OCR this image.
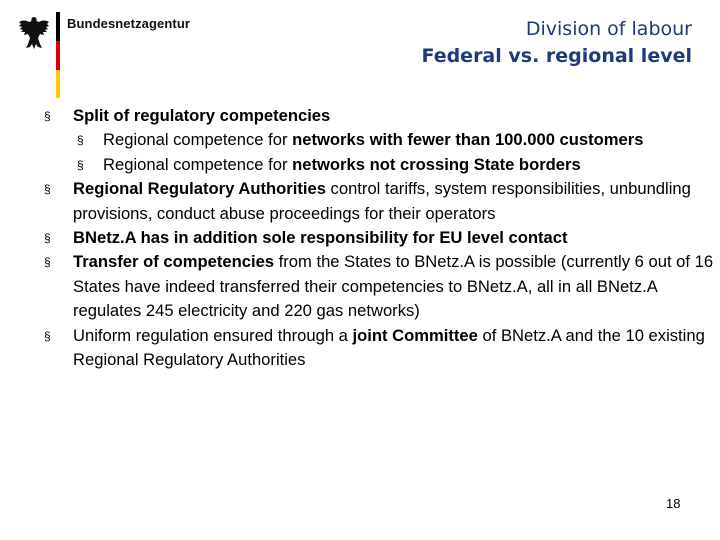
Bundesnetzagentur	Division of labour
Federal vs. regional level
§ Split of regulatory competencies
§ Regional competence for networks with fewer than 100.000 customers
§ Regional competence for networks not crossing State borders
§ Regional Regulatory Authorities control tariffs, system responsibilities, unbundling provisions, conduct abuse proceedings for their operators
§ BNetz.A has in addition sole responsibility for EU level contact
§ Transfer of competencies from the States to BNetz.A is possible (currently 6 out of 16 States have indeed transferred their competencies to BNetz.A, all in all BNetz.A regulates 245 electricity and 220 gas networks)
§ Uniform regulation ensured through a joint Committee of BNetz.A and the 10 existing Regional Regulatory Authorities
18
